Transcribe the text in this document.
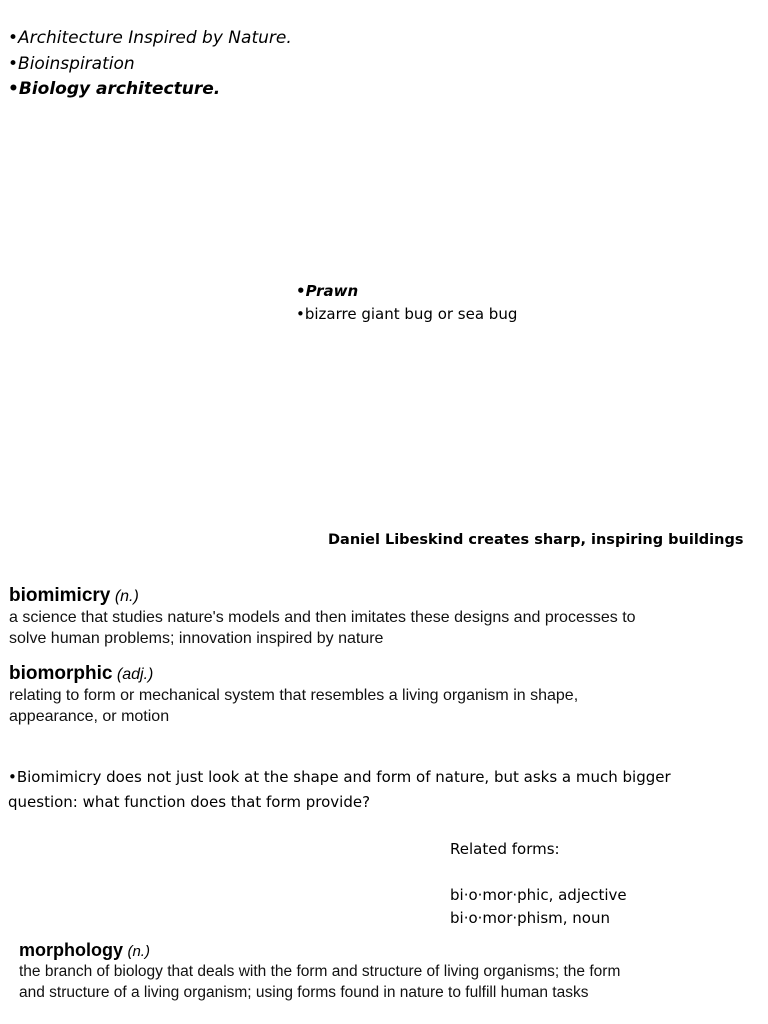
•Architecture Inspired by Nature.
•Bioinspiration
•Biology architecture.
•Prawn
•bizarre giant bug or sea bug
Daniel Libeskind creates sharp, inspiring buildings
biomimicry (n.)
a science that studies nature's models and then imitates these designs and processes to
solve human problems; innovation inspired by nature
biomorphic (adj.)
relating to form or mechanical system that resembles a living organism in shape,
appearance, or motion
•Biomimicry does not just look at the shape and form of nature, but asks a much bigger question: what function does that form provide?
Related forms:
bi·o·mor·phic, adjective
bi·o·mor·phism, noun
morphology (n.)
the branch of biology that deals with the form and structure of living organisms; the form
and structure of a living organism; using forms found in nature to fulfill human tasks
